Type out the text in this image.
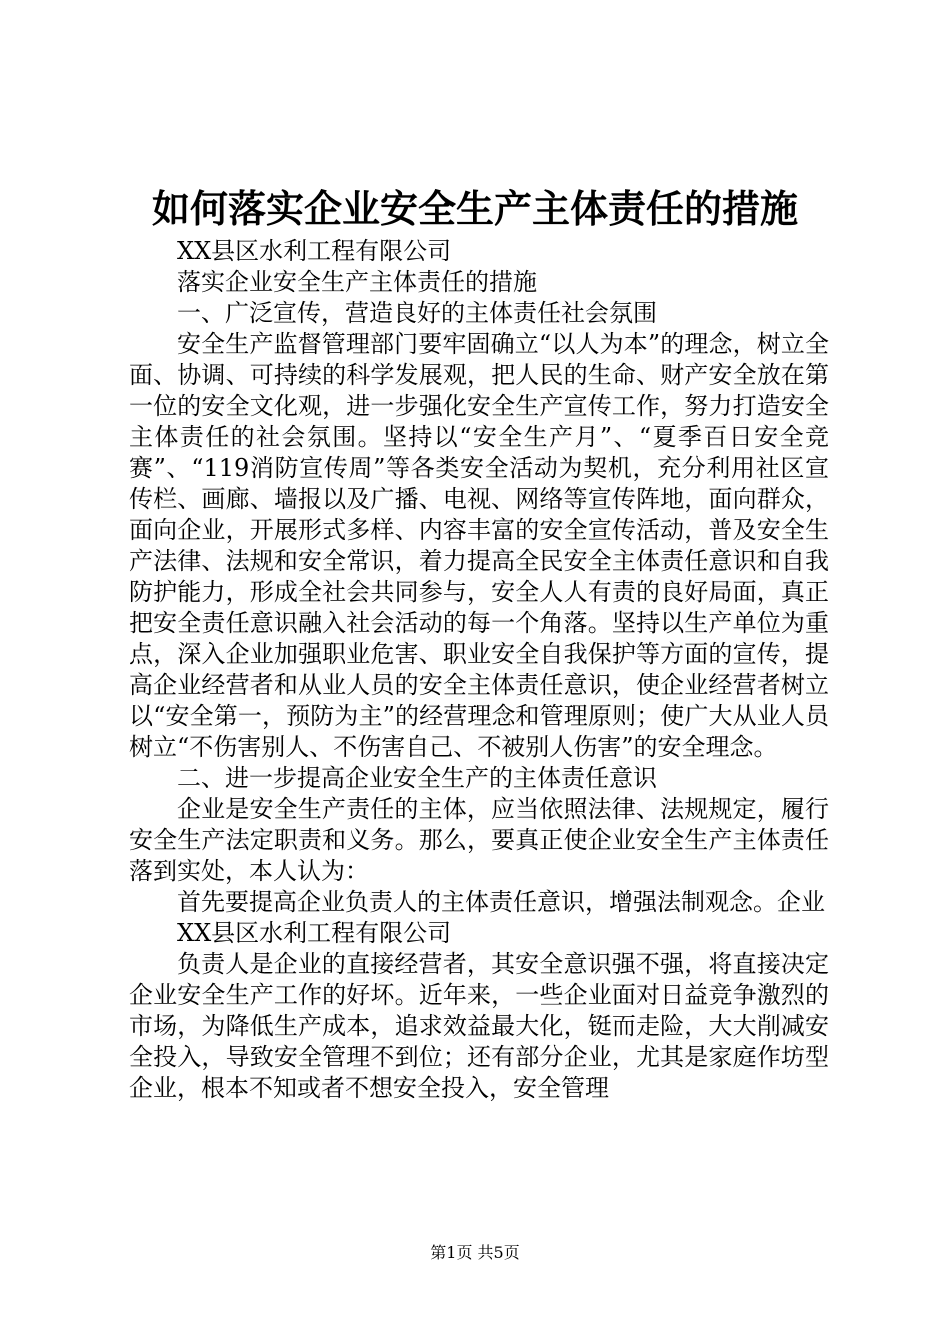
如何落实企业安全生产主体责任的措施

XX县区水利工程有限公司

落实企业安全生产主体责任的措施

一、广泛宣传，营造良好的主体责任社会氛围

安全生产监督管理部门要牢固确立“以人为本”的理念，树立全面、协调、可持续的科学发展观，把人民的生命、财产安全放在第一位的安全文化观，进一步强化安全生产宣传工作，努力打造安全主体责任的社会氛围。坚持以“安全生产月”、“夏季百日安全竞赛”、“119消防宣传周”等各类安全活动为契机，充分利用社区宣传栏、画廊、墙报以及广播、电视、网络等宣传阵地，面向群众，面向企业，开展形式多样、内容丰富的安全宣传活动，普及安全生产法律、法规和安全常识，着力提高全民安全主体责任意识和自我防护能力，形成全社会共同参与，安全人人有责的良好局面，真正把安全责任意识融入社会活动的每一个角落。坚持以生产单位为重点，深入企业加强职业危害、职业安全自我保护等方面的宣传，提高企业经营者和从业人员的安全主体责任意识，使企业经营者树立以“安全第一，预防为主”的经营理念和管理原则；使广大从业人员树立“不伤害别人、不伤害自己、不被别人伤害”的安全理念。

二、进一步提高企业安全生产的主体责任意识

企业是安全生产责任的主体，应当依照法律、法规规定，履行安全生产法定职责和义务。那么，要真正使企业安全生产主体责任落到实处，本人认为：

首先要提高企业负责人的主体责任意识，增强法制观念。企业

XX县区水利工程有限公司

负责人是企业的直接经营者，其安全意识强不强，将直接决定企业安全生产工作的好坏。近年来，一些企业面对日益竞争激烈的市场，为降低生产成本，追求效益最大化，铤而走险，大大削减安全投入，导致安全管理不到位；还有部分企业，尤其是家庭作坊型企业，根本不知或者不想安全投入，安全管理

第1页 共5页
